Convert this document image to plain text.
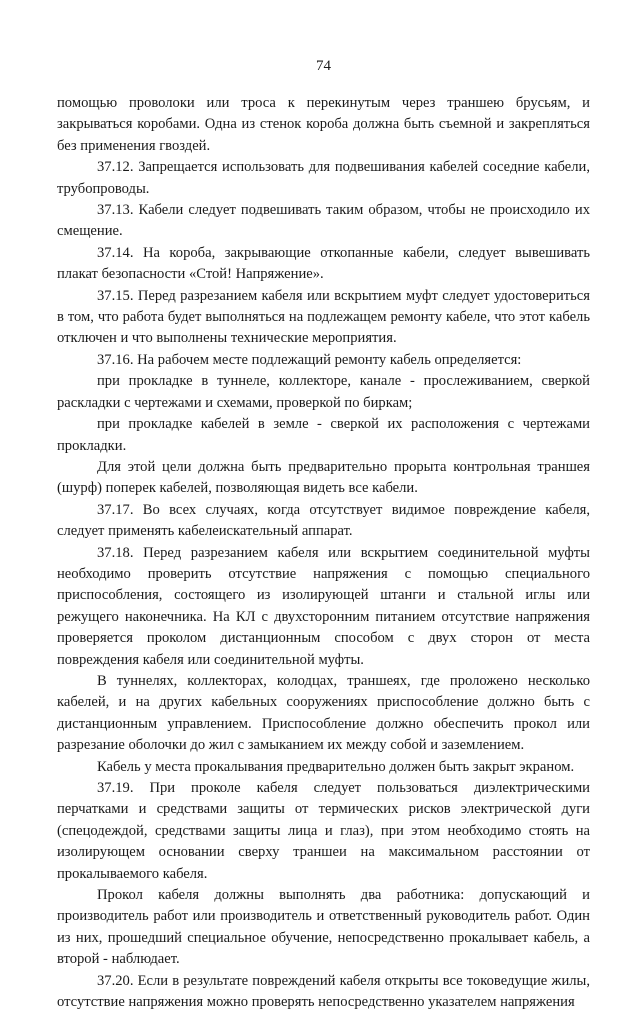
74

помощью проволоки или троса к перекинутым через траншею брусьям, и закрываться коробами. Одна из стенок короба должна быть съемной и закрепляться без применения гвоздей.

37.12. Запрещается использовать для подвешивания кабелей соседние кабели, трубопроводы.

37.13. Кабели следует подвешивать таким образом, чтобы не происходило их смещение.

37.14. На короба, закрывающие откопанные кабели, следует вывешивать плакат безопасности «Стой! Напряжение».

37.15. Перед разрезанием кабеля или вскрытием муфт следует удостовериться в том, что работа будет выполняться на подлежащем ремонту кабеле, что этот кабель отключен и что выполнены технические мероприятия.

37.16. На рабочем месте подлежащий ремонту кабель определяется:

при прокладке в туннеле, коллекторе, канале - прослеживанием, сверкой раскладки с чертежами и схемами, проверкой по биркам;

при прокладке кабелей в земле - сверкой их расположения с чертежами прокладки.

Для этой цели должна быть предварительно прорыта контрольная траншея (шурф) поперек кабелей, позволяющая видеть все кабели.

37.17. Во всех случаях, когда отсутствует видимое повреждение кабеля, следует применять кабелеискательный аппарат.

37.18. Перед разрезанием кабеля или вскрытием соединительной муфты необходимо проверить отсутствие напряжения с помощью специального приспособления, состоящего из изолирующей штанги и стальной иглы или режущего наконечника. На КЛ с двухсторонним питанием отсутствие напряжения проверяется проколом дистанционным способом с двух сторон от места повреждения кабеля или соединительной муфты.

В туннелях, коллекторах, колодцах, траншеях, где проложено несколько кабелей, и на других кабельных сооружениях приспособление должно быть с дистанционным управлением. Приспособление должно обеспечить прокол или разрезание оболочки до жил с замыканием их между собой и заземлением.

Кабель у места прокалывания предварительно должен быть закрыт экраном.

37.19. При проколе кабеля следует пользоваться диэлектрическими перчатками и средствами защиты от термических рисков электрической дуги (спецодеждой, средствами защиты лица и глаз), при этом необходимо стоять на изолирующем основании сверху траншеи на максимальном расстоянии от прокалываемого кабеля.

Прокол кабеля должны выполнять два работника: допускающий и производитель работ или производитель и ответственный руководитель работ. Один из них, прошедший специальное обучение, непосредственно прокалывает кабель, а второй - наблюдает.

37.20. Если в результате повреждений кабеля открыты все токоведущие жилы, отсутствие напряжения можно проверять непосредственно указателем напряжения
